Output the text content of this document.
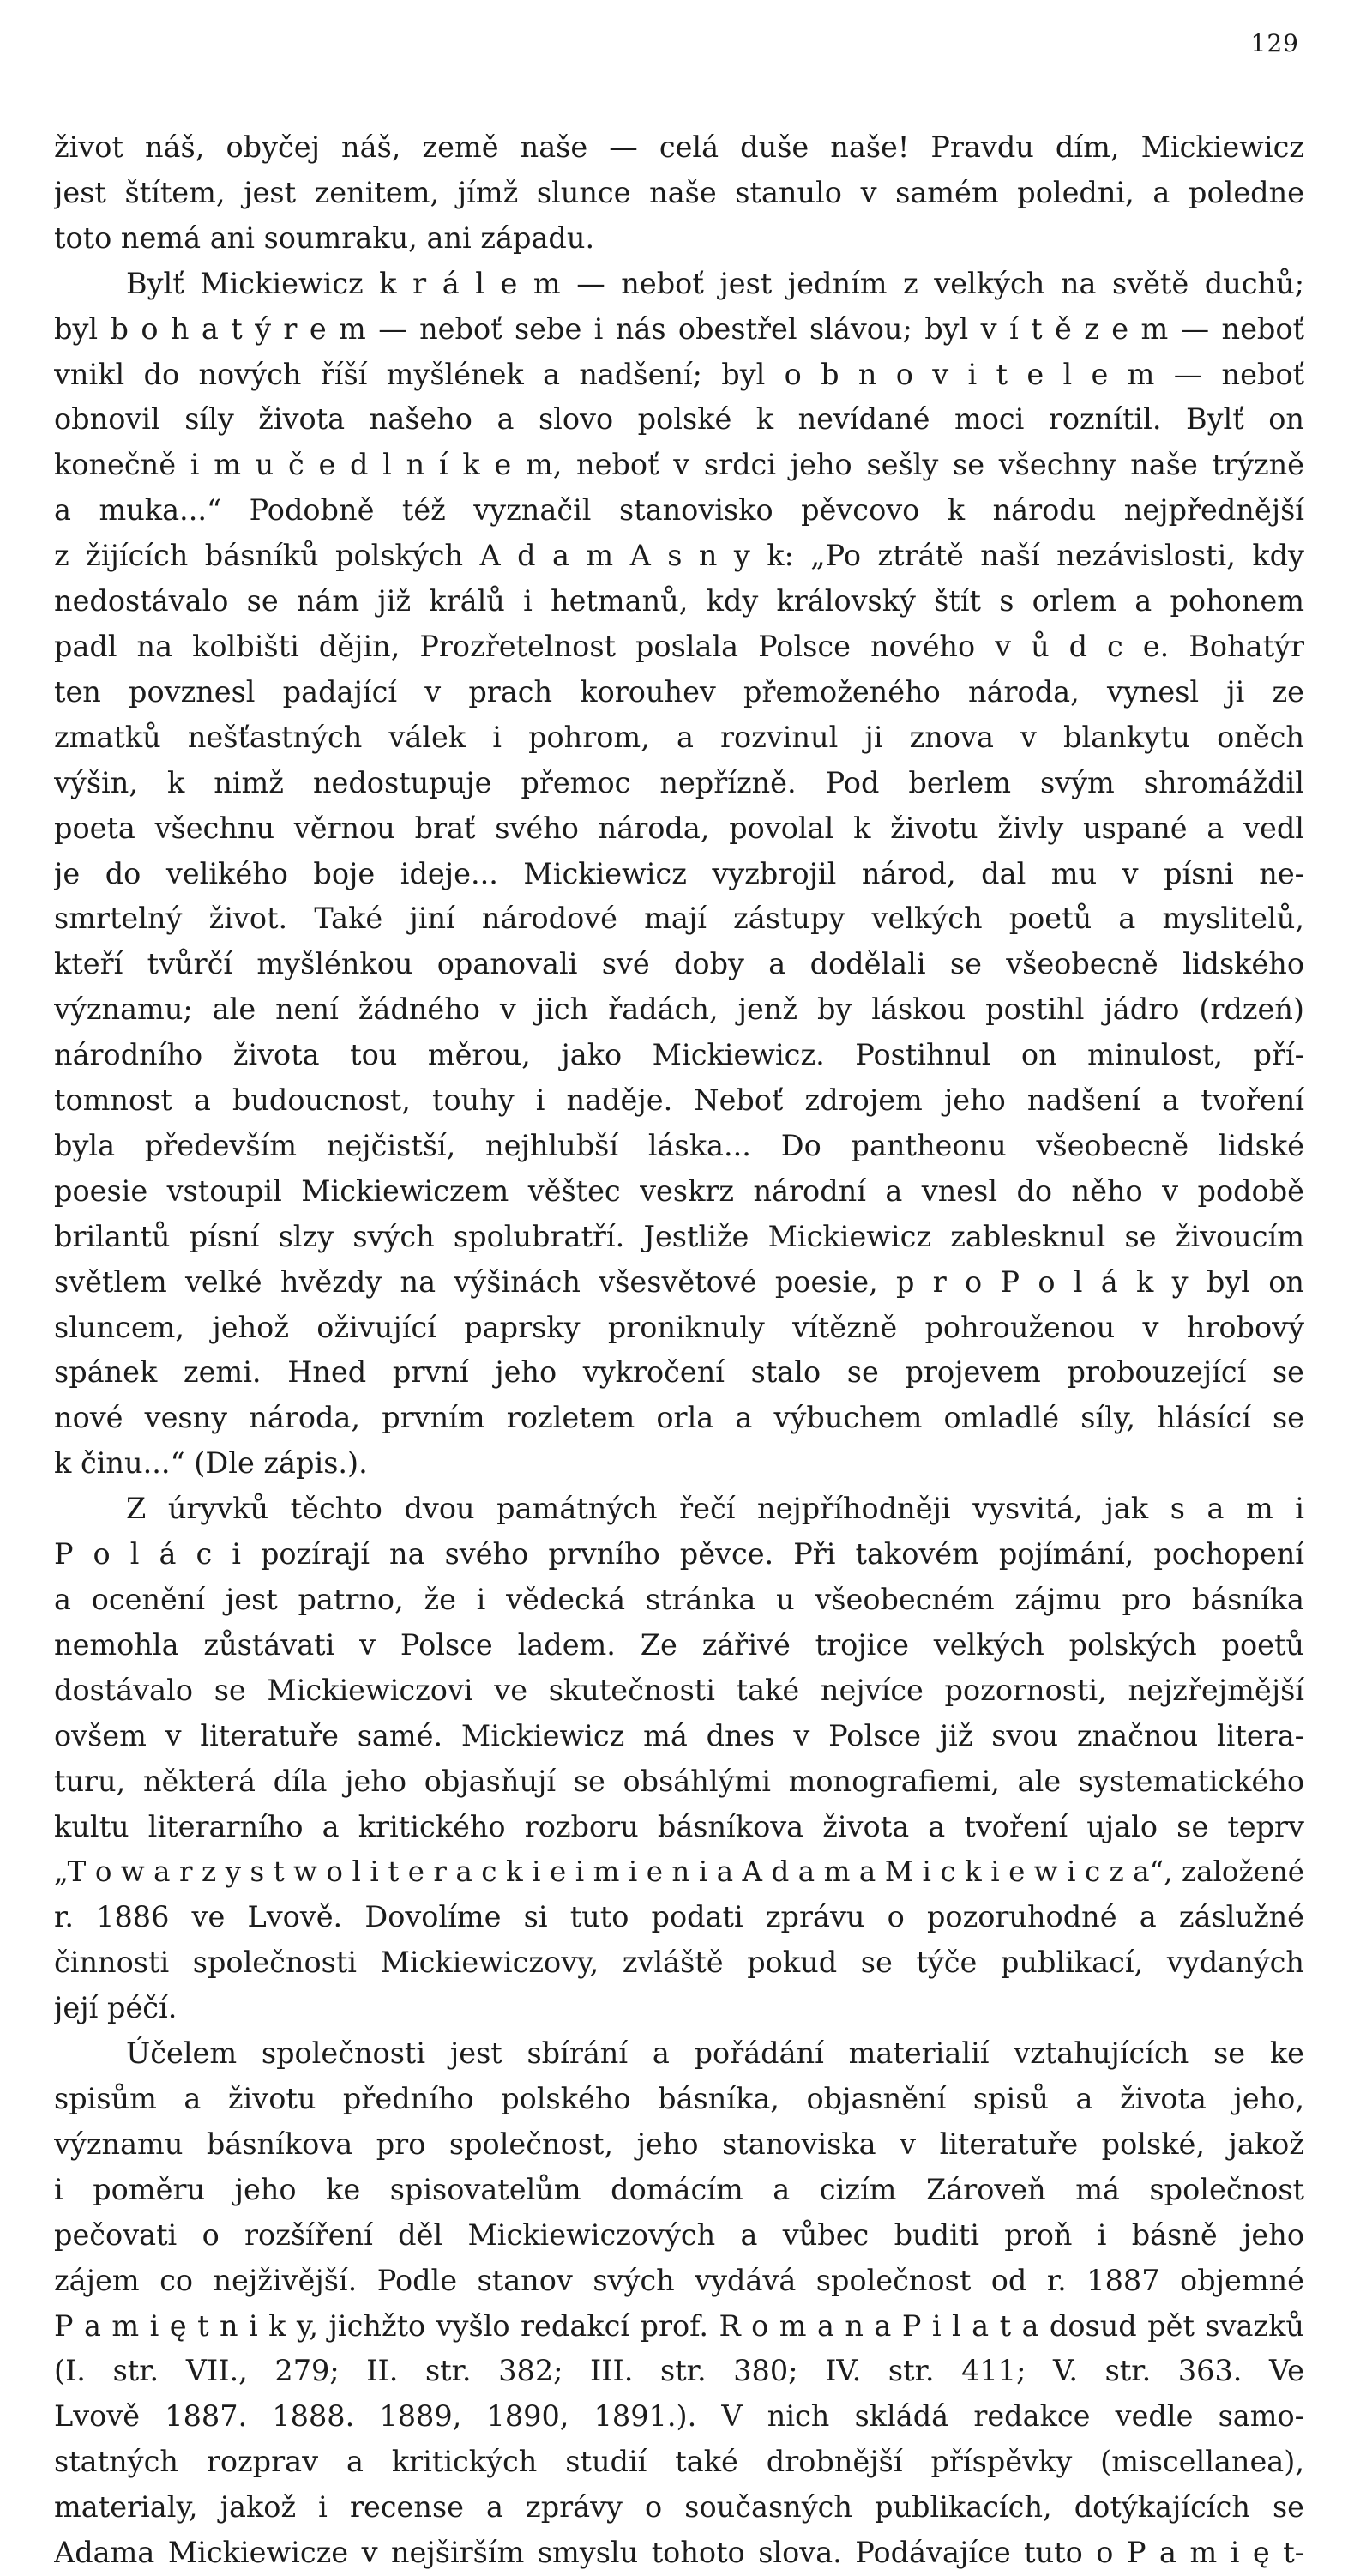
129
život náš, obyčej náš, země naše — celá duše naše! Pravdu dím, Mickiewicz
jest štítem, jest zenitem, jímž slunce naše stanulo v samém poledni, a poledne
toto nemá ani soumraku, ani západu.
Bylť Mickiewicz k r á l e m — neboť jest jedním z velkých na světě duchů;
byl b o h a t ý r e m — neboť sebe i nás obestřel slávou; byl v í t ě z e m — neboť
vnikl do nových říší myšlének a nadšení; byl o b n o v i t e l e m — neboť
obnovil síly života našeho a slovo polské k nevídané moci roznítil. Bylť on
konečně i m u č e d l n í k e m, neboť v srdci jeho sešly se všechny naše trýzně
a muka...“ Podobně též vyznačil stanovisko pěvcovo k národu nejpřednější
z žijících básníků polských A d a m A s n y k: „Po ztrátě naší nezávislosti, kdy
nedostávalo se nám již králů i hetmanů, kdy královský štít s orlem a pohonem
padl na kolbišti dějin, Prozřetelnost poslala Polsce nového v ů d c e. Bohatýr
ten povznesl padající v prach korouhev přemoženého národa, vynesl ji ze
zmatků nešťastných válek i pohrom, a rozvinul ji znova v blankytu oněch
výšin, k nimž nedostupuje přemoc nepřízně. Pod berlem svým shromáždil
poeta všechnu věrnou brať svého národa, povolal k životu živly uspané a vedl
je do velikého boje ideje... Mickiewicz vyzbrojil národ, dal mu v písni ne-
smrtelný život. Také jiní národové mají zástupy velkých poetů a myslitelů,
kteří tvůrčí myšlénkou opanovali své doby a dodělali se všeobecně lidského
významu; ale není žádného v jich řadách, jenž by láskou postihl jádro (rdzeń)
národního života tou měrou, jako Mickiewicz. Postihnul on minulost, pří-
tomnost a budoucnost, touhy i naděje. Neboť zdrojem jeho nadšení a tvoření
byla především nejčistší, nejhlubší láska... Do pantheonu všeobecně lidské
poesie vstoupil Mickiewiczem věštec veskrz národní a vnesl do něho v podobě
brilantů písní slzy svých spolubratří. Jestliže Mickiewicz zablesknul se živoucím
světlem velké hvězdy na výšinách všesvětové poesie, p r o P o l á k y byl on
sluncem, jehož oživující paprsky proniknuly vítězně pohrouženou v hrobový
spánek zemi. Hned první jeho vykročení stalo se projevem probouzející se
nové vesny národa, prvním rozletem orla a výbuchem omladlé síly, hlásící se
k činu...“ (Dle zápis.).
Z úryvků těchto dvou památných řečí nejpříhodněji vysvitá, jak s a m i
P o l á c i pozírají na svého prvního pěvce. Při takovém pojímání, pochopení
a ocenění jest patrno, že i vědecká stránka u všeobecném zájmu pro básníka
nemohla zůstávati v Polsce ladem. Ze zářivé trojice velkých polských poetů
dostávalo se Mickiewiczovi ve skutečnosti také nejvíce pozornosti, nejzřejmější
ovšem v literatuře samé. Mickiewicz má dnes v Polsce již svou značnou litera-
turu, některá díla jeho objasňují se obsáhlými monografiemi, ale systematického
kultu literarního a kritického rozboru básníkova života a tvoření ujalo se teprv
„T o w a r z y s t w o l i t e r a c k i e i m i e n i a A d a m a M i c k i e w i c z a“, založené
r. 1886 ve Lvově. Dovolíme si tuto podati zprávu o pozoruhodné a záslužné
činnosti společnosti Mickiewiczovy, zvláště pokud se týče publikací, vydaných
její péčí.
Účelem společnosti jest sbírání a pořádání materialií vztahujících se ke
spisům a životu předního polského básníka, objasnění spisů a života jeho,
významu básníkova pro společnost, jeho stanoviska v literatuře polské, jakož
i poměru jeho ke spisovatelům domácím a cizím Zároveň má společnost
pečovati o rozšíření děl Mickiewiczových a vůbec buditi proň i básně jeho
zájem co nejživější. Podle stanov svých vydává společnost od r. 1887 objemné
P a m i ę t n i k y, jichžto vyšlo redakcí prof. R o m a n a P i l a t a dosud pět svazků
(I. str. VII., 279; II. str. 382; III. str. 380; IV. str. 411; V. str. 363. Ve
Lvově 1887. 1888. 1889, 1890, 1891.). V nich skládá redakce vedle samo-
statných rozprav a kritických studií také drobnější příspěvky (miscellanea),
materialy, jakož i recense a zprávy o současných publikacích, dotýkajících se
Adama Mickiewicze v nejširším smyslu tohoto slova. Podávajíce tuto o P a m i ę t-
